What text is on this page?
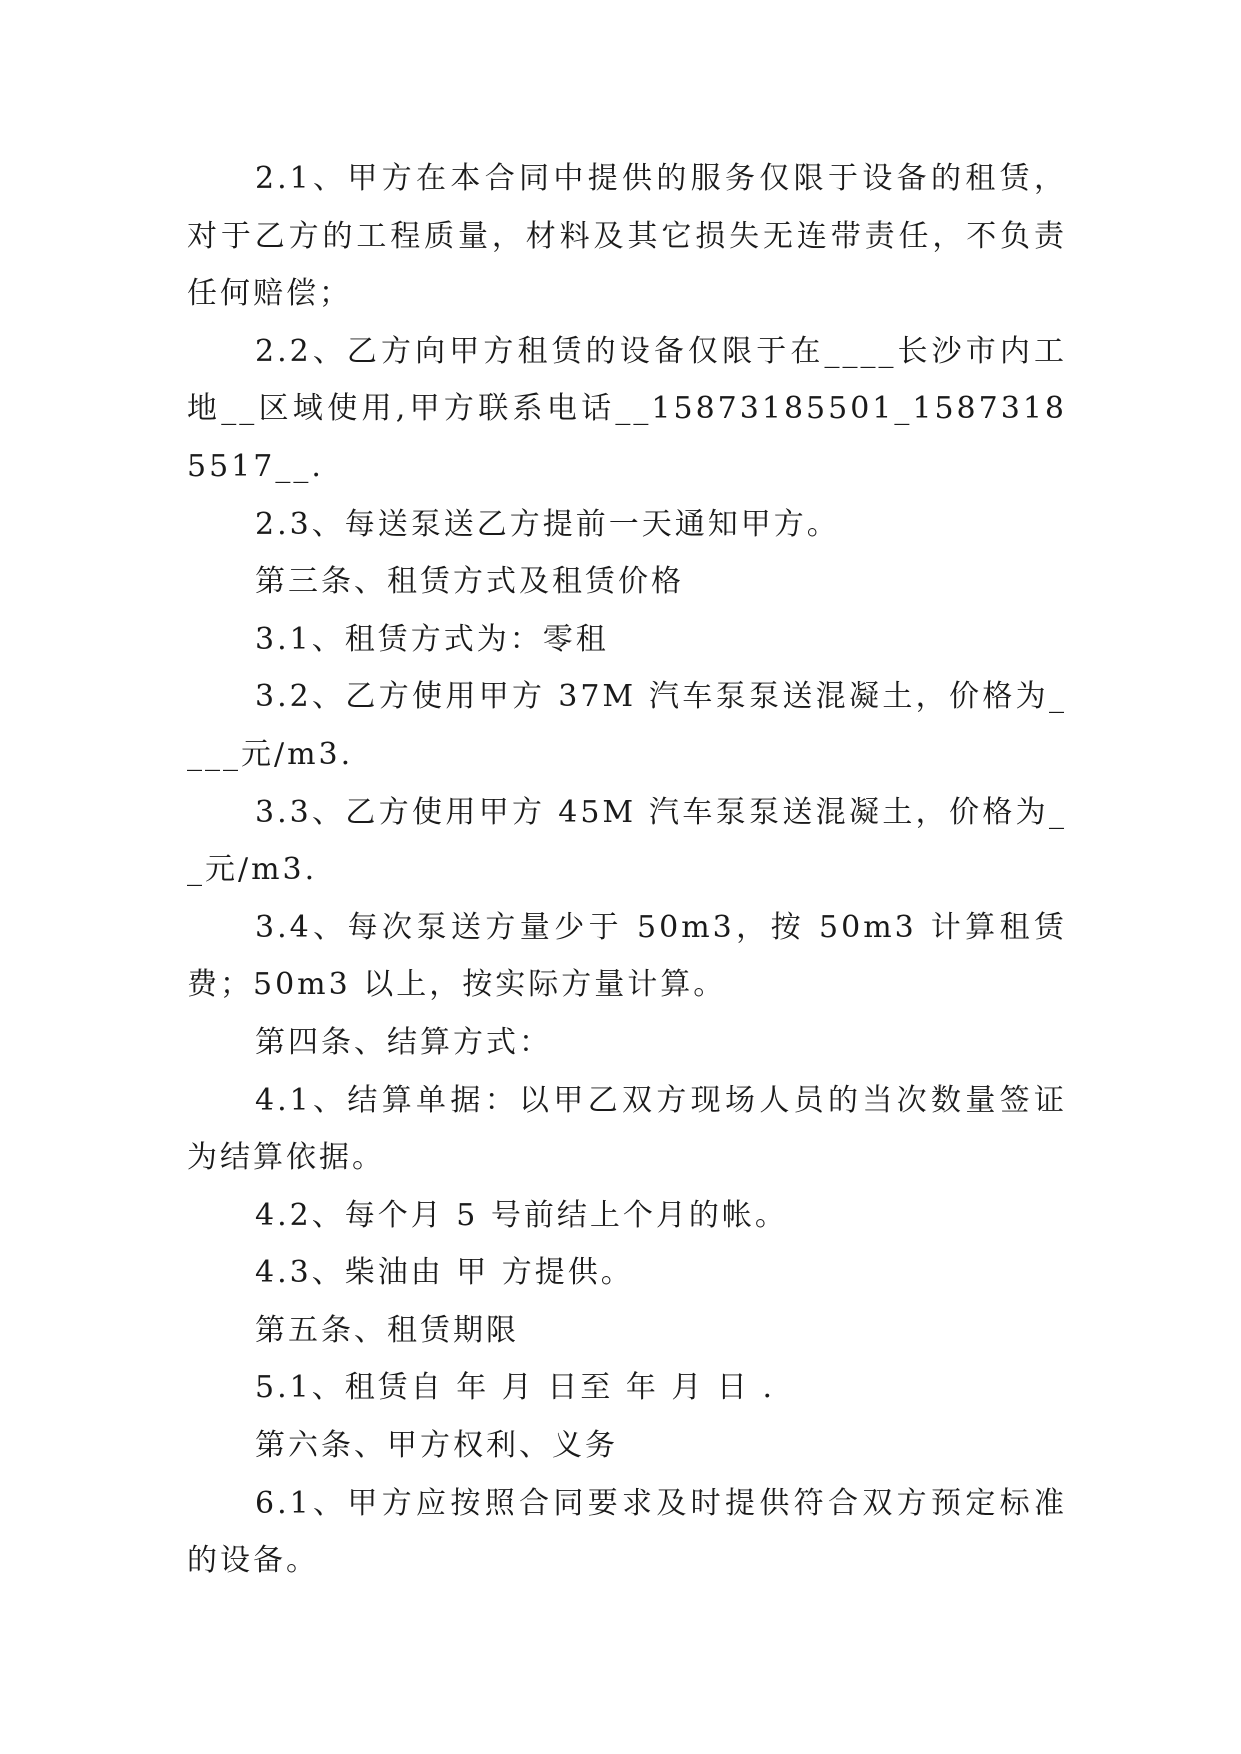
2.1、甲方在本合同中提供的服务仅限于设备的租赁，对于乙方的工程质量，材料及其它损失无连带责任，不负责任何赔偿；

2.2、乙方向甲方租赁的设备仅限于在____长沙市内工地__区域使用,甲方联系电话__15873185501_15873185517__.

2.3、每送泵送乙方提前一天通知甲方。

第三条、租赁方式及租赁价格

3.1、租赁方式为：零租

3.2、乙方使用甲方 37M 汽车泵泵送混凝土，价格为____元/m3.

3.3、乙方使用甲方 45M 汽车泵泵送混凝土，价格为__元/m3.

3.4、每次泵送方量少于 50m3，按 50m3 计算租赁费；50m3 以上，按实际方量计算。

第四条、结算方式：

4.1、结算单据：以甲乙双方现场人员的当次数量签证为结算依据。

4.2、每个月 5 号前结上个月的帐。

4.3、柴油由 甲 方提供。

第五条、租赁期限

5.1、租赁自 年 月 日至 年 月 日 .

第六条、甲方权利、义务

6.1、甲方应按照合同要求及时提供符合双方预定标准的设备。
